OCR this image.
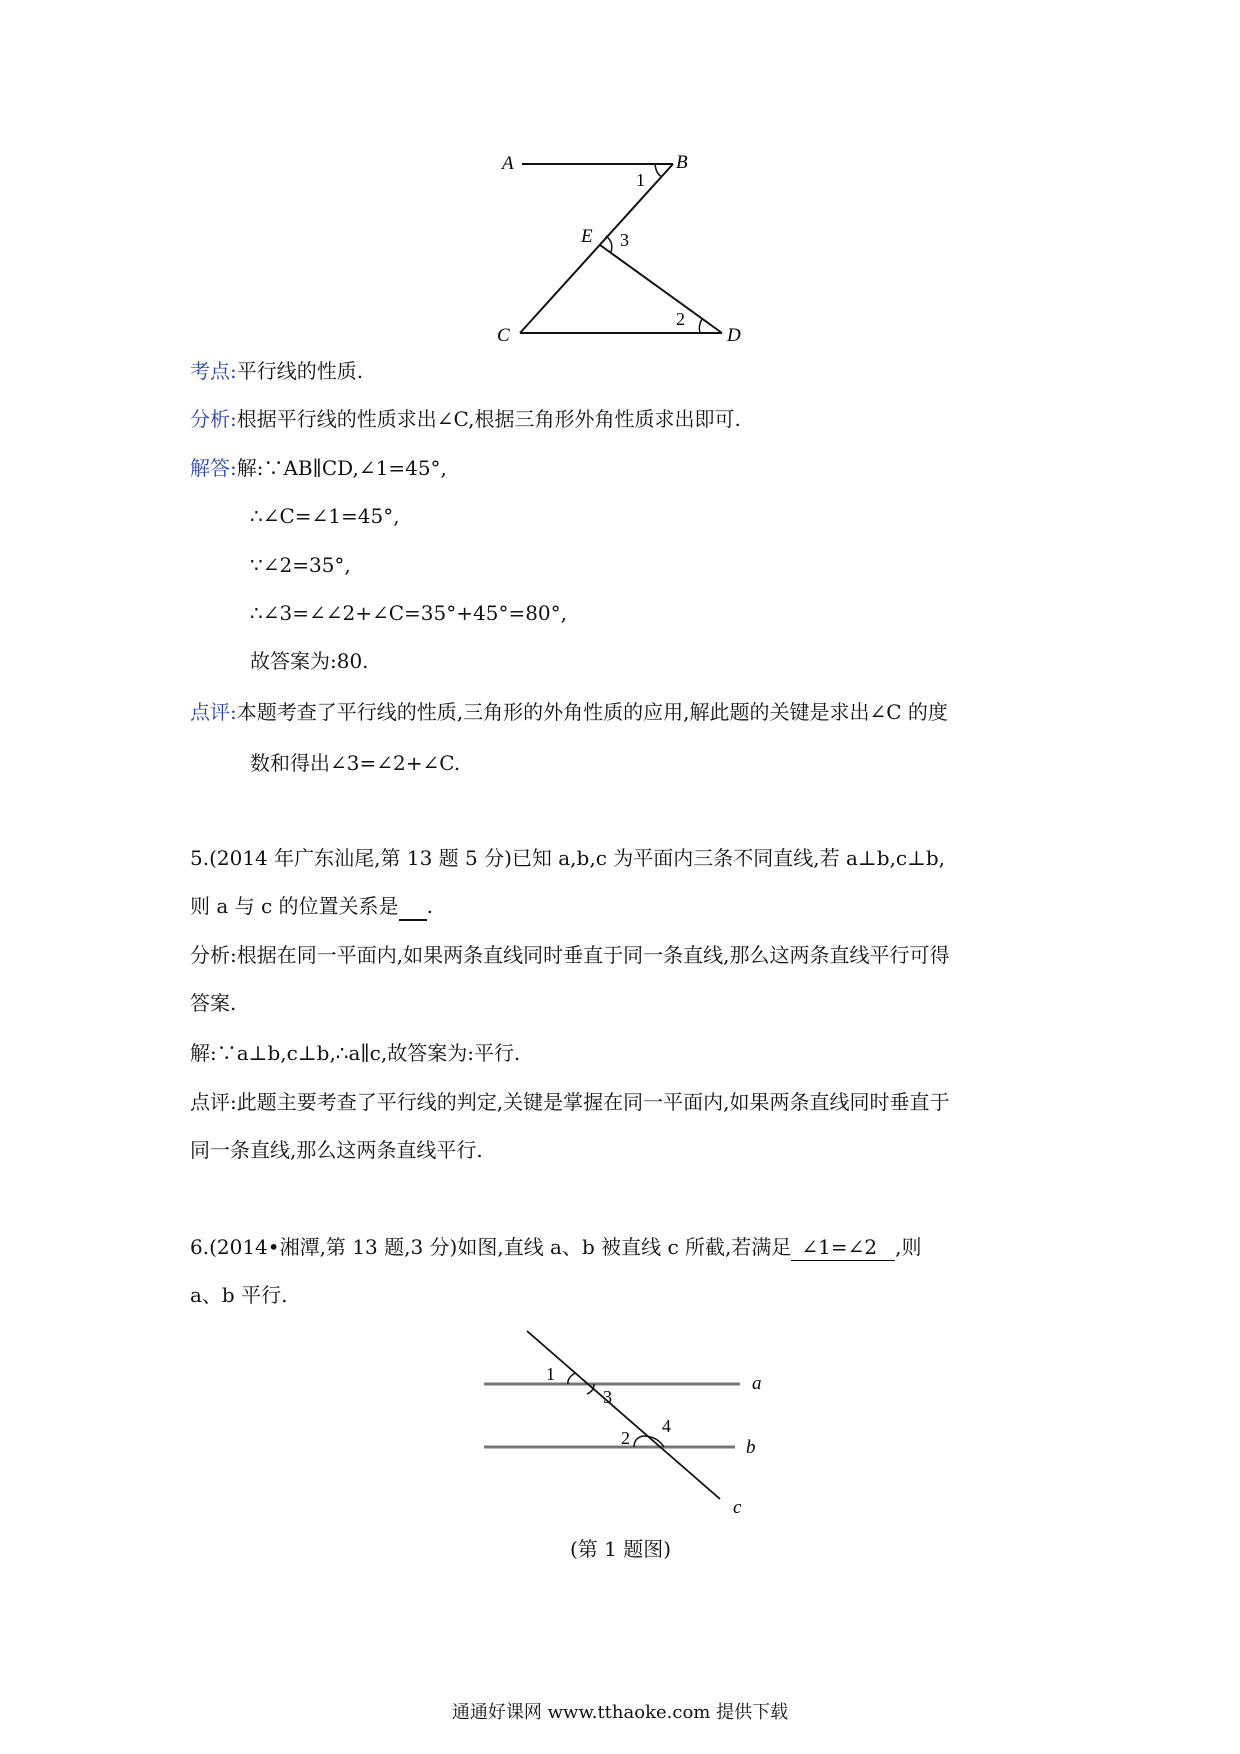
A	B
C	D
E
1
3
2
考点:平行线的性质.
分析:根据平行线的性质求出∠C,根据三角形外角性质求出即可.
解答:解:∵AB∥CD,∠1=45°,
∴∠C=∠1=45°,
∵∠2=35°,
∴∠3=∠∠2+∠C=35°+45°=80°,
故答案为:80.
点评:本题考查了平行线的性质,三角形的外角性质的应用,解此题的关键是求出∠C 的度
数和得出∠3=∠2+∠C.
5.(2014 年广东汕尾,第 13 题 5 分)已知 a,b,c 为平面内三条不同直线,若 a⊥b,c⊥b,
则 a 与 c 的位置关系是 .
分析:根据在同一平面内,如果两条直线同时垂直于同一条直线,那么这两条直线平行可得
答案.
解:∵a⊥b,c⊥b,∴a∥c,故答案为:平行.
点评:此题主要考查了平行线的判定,关键是掌握在同一平面内,如果两条直线同时垂直于
同一条直线,那么这两条直线平行.
6.(2014•湘潭,第 13 题,3 分)如图,直线 a、b 被直线 c 所截,若满足 ∠1=∠2 ,则
a、b 平行.
1
3
2
4
a
b
c
(第 1 题图)
通通好课网 www.tthaoke.com 提供下载
